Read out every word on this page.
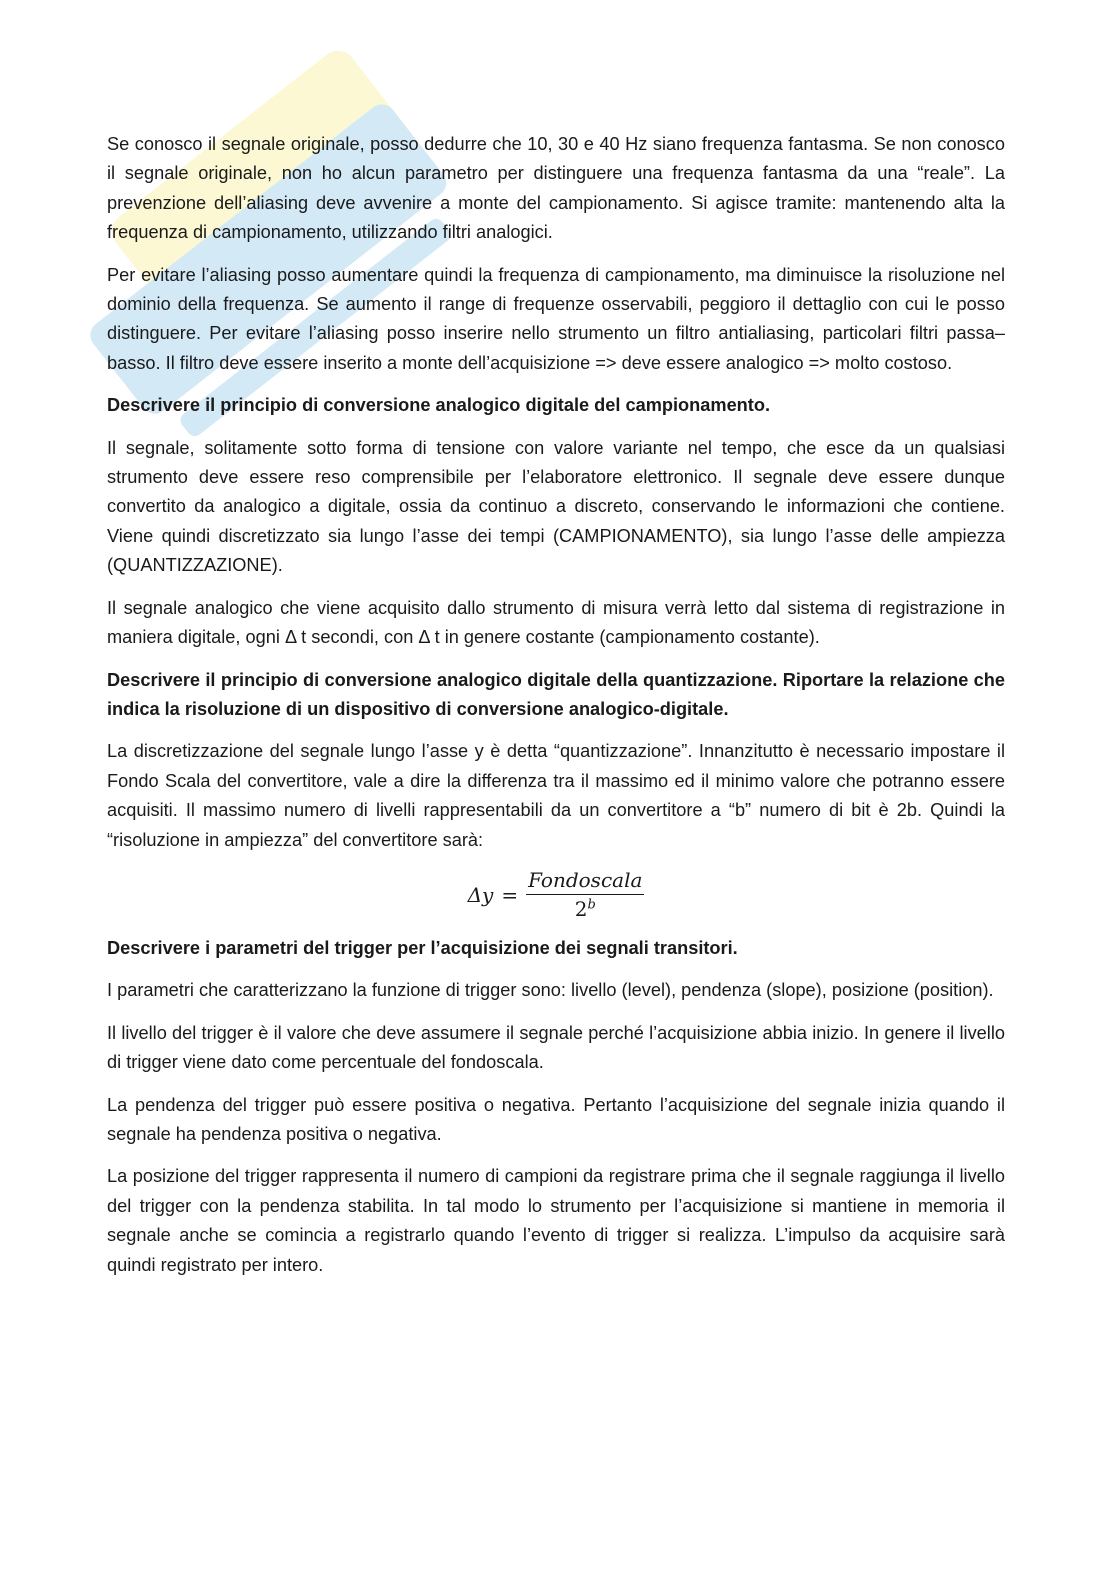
Se conosco il segnale originale, posso dedurre che 10, 30 e 40 Hz siano frequenza fantasma. Se non conosco il segnale originale, non ho alcun parametro per distinguere una frequenza fantasma da una “reale”. La prevenzione dell’aliasing deve avvenire a monte del campionamento. Si agisce tramite: mantenendo alta la frequenza di campionamento, utilizzando filtri analogici.

Per evitare l’aliasing posso aumentare quindi la frequenza di campionamento, ma diminuisce la risoluzione nel dominio della frequenza. Se aumento il range di frequenze osservabili, peggioro il dettaglio con cui le posso distinguere. Per evitare l’aliasing posso inserire nello strumento un filtro antialiasing, particolari filtri passa–basso. Il filtro deve essere inserito a monte dell’acquisizione => deve essere analogico => molto costoso.

Descrivere il principio di conversione analogico digitale del campionamento.

Il segnale, solitamente sotto forma di tensione con valore variante nel tempo, che esce da un qualsiasi strumento deve essere reso comprensibile per l’elaboratore elettronico. Il segnale deve essere dunque convertito da analogico a digitale, ossia da continuo a discreto, conservando le informazioni che contiene. Viene quindi discretizzato sia lungo l’asse dei tempi (CAMPIONAMENTO), sia lungo l’asse delle ampiezza (QUANTIZZAZIONE).

Il segnale analogico che viene acquisito dallo strumento di misura verrà letto dal sistema di registrazione in maniera digitale, ogni Δ t secondi, con Δ t in genere costante (campionamento costante).

Descrivere il principio di conversione analogico digitale della quantizzazione. Riportare la relazione che indica la risoluzione di un dispositivo di conversione analogico-digitale.

La discretizzazione del segnale lungo l’asse y è detta “quantizzazione”. Innanzitutto è necessario impostare il Fondo Scala del convertitore, vale a dire la differenza tra il massimo ed il minimo valore che potranno essere acquisiti. Il massimo numero di livelli rappresentabili da un convertitore a “b” numero di bit è 2b. Quindi la “risoluzione in ampiezza” del convertitore sarà:

$\Delta y = \frac{\text{Fondoscala}}{2^b}$

Descrivere i parametri del trigger per l’acquisizione dei segnali transitori.

I parametri che caratterizzano la funzione di trigger sono: livello (level), pendenza (slope), posizione (position).

Il livello del trigger è il valore che deve assumere il segnale perché l’acquisizione abbia inizio. In genere il livello di trigger viene dato come percentuale del fondoscala.

La pendenza del trigger può essere positiva o negativa. Pertanto l’acquisizione del segnale inizia quando il segnale ha pendenza positiva o negativa.

La posizione del trigger rappresenta il numero di campioni da registrare prima che il segnale raggiunga il livello del trigger con la pendenza stabilita. In tal modo lo strumento per l’acquisizione si mantiene in memoria il segnale anche se comincia a registrarlo quando l’evento di trigger si realizza. L’impulso da acquisire sarà quindi registrato per intero.
